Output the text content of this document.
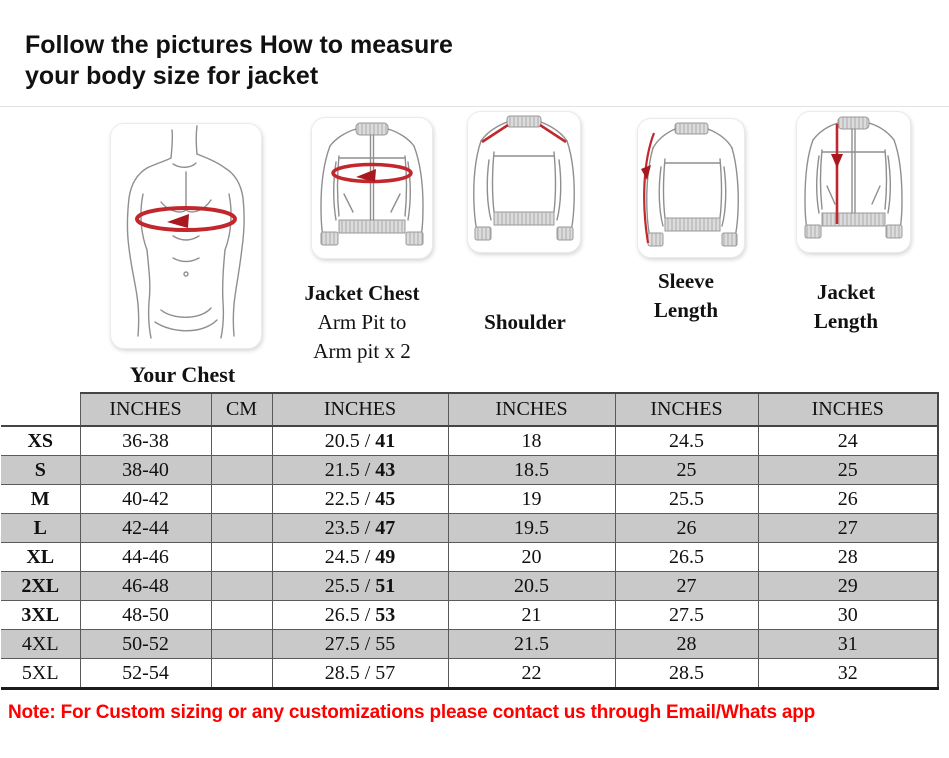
Follow the pictures How to measure
your body size for jacket
Jacket Chest
Arm Pit to
Arm pit x 2
Shoulder
Sleeve
Length
Jacket
Length
Your Chest
	INCHES	CM	INCHES	INCHES	INCHES	INCHES
XS	36-38		20.5 / 41	18	24.5	24
S	38-40		21.5 / 43	18.5	25	25
M	40-42		22.5 / 45	19	25.5	26
L	42-44		23.5 / 47	19.5	26	27
XL	44-46		24.5 / 49	20	26.5	28
2XL	46-48		25.5 / 51	20.5	27	29
3XL	48-50		26.5 / 53	21	27.5	30
4XL	50-52		27.5 / 55	21.5	28	31
5XL	52-54		28.5 / 57	22	28.5	32
Note: For Custom sizing or any customizations please contact us through Email/Whats app
